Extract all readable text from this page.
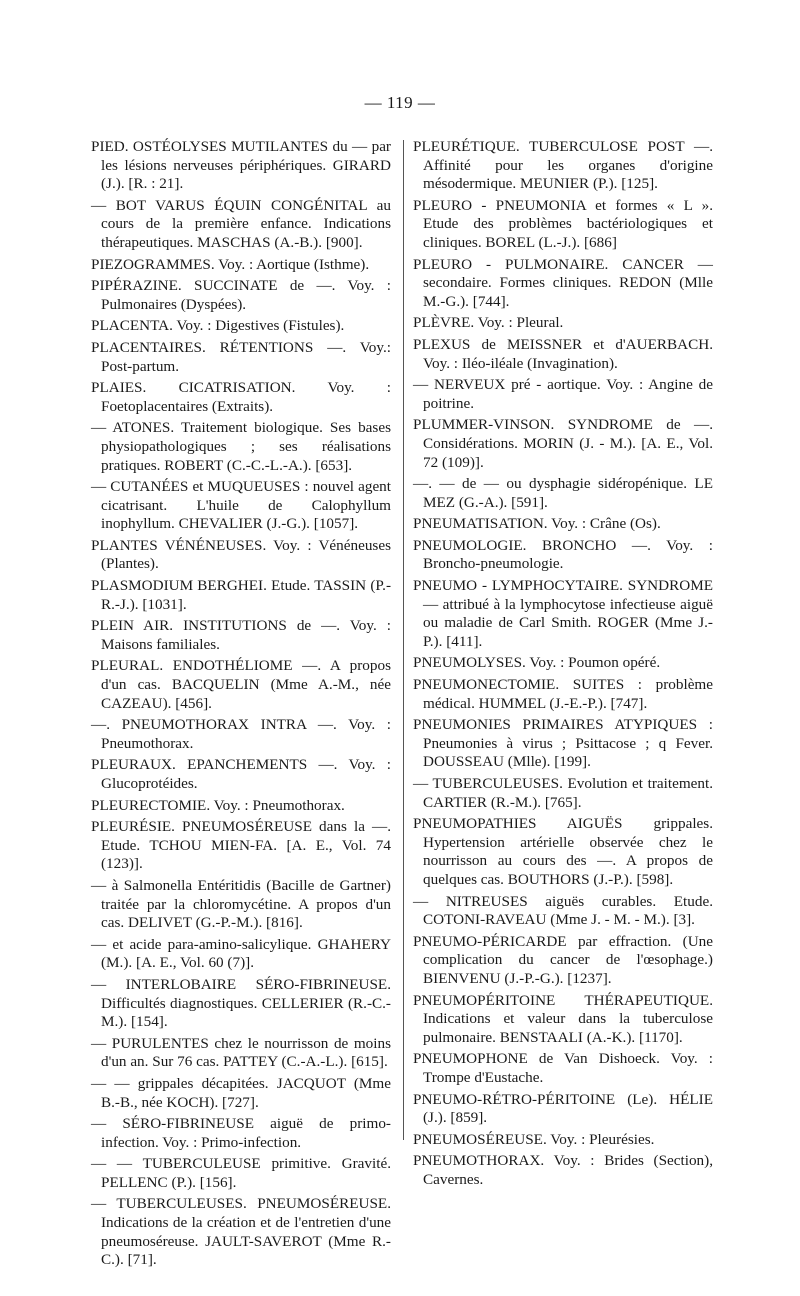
— 119 —

PIED. OSTÉOLYSES MUTILANTES du — par les lésions nerveuses périphériques. GIRARD (J.). [R. : 21].

— BOT VARUS ÉQUIN CONGÉNITAL au cours de la première enfance. Indications thérapeutiques. MASCHAS (A.-B.). [900].

PIEZOGRAMMES. Voy. : Aortique (Isthme).

PIPÉRAZINE. SUCCINATE de —. Voy. : Pulmonaires (Dyspées).

PLACENTA. Voy. : Digestives (Fistules).

PLACENTAIRES. RÉTENTIONS —. Voy.: Post-partum.

PLAIES. CICATRISATION. Voy. : Foetoplacentaires (Extraits).

— ATONES. Traitement biologique. Ses bases physiopathologiques ; ses réalisations pratiques. ROBERT (C.-C.-L.-A.). [653].

— CUTANÉES et MUQUEUSES : nouvel agent cicatrisant. L'huile de Calophyllum inophyllum. CHEVALIER (J.-G.). [1057].

PLANTES VÉNÉNEUSES. Voy. : Vénéneuses (Plantes).

PLASMODIUM BERGHEI. Etude. TASSIN (P.-R.-J.). [1031].

PLEIN AIR. INSTITUTIONS de —. Voy. : Maisons familiales.

PLEURAL. ENDOTHÉLIOME —. A propos d'un cas. BACQUELIN (Mme A.-M., née CAZEAU). [456].

—. PNEUMOTHORAX INTRA —. Voy. : Pneumothorax.

PLEURAUX. EPANCHEMENTS —. Voy. : Glucoprotéides.

PLEURECTOMIE. Voy. : Pneumothorax.

PLEURÉSIE. PNEUMOSÉREUSE dans la —. Etude. TCHOU MIEN-FA. [A. E., Vol. 74 (123)].

— à Salmonella Entéritidis (Bacille de Gartner) traitée par la chloromycétine. A propos d'un cas. DELIVET (G.-P.-M.). [816].

— et acide para-amino-salicylique. GHAHERY (M.). [A. E., Vol. 60 (7)].

— INTERLOBAIRE SÉRO-FIBRINEUSE. Difficultés diagnostiques. CELLERIER (R.-C.-M.). [154].

— PURULENTES chez le nourrisson de moins d'un an. Sur 76 cas. PATTEY (C.-A.-L.). [615].

— — grippales décapitées. JACQUOT (Mme B.-B., née KOCH). [727].

— SÉRO-FIBRINEUSE aiguë de primo-infection. Voy. : Primo-infection.

— — TUBERCULEUSE primitive. Gravité. PELLENC (P.). [156].

— TUBERCULEUSES. PNEUMOSÉREUSE. Indications de la création et de l'entretien d'une pneumoséreuse. JAULT-SAVEROT (Mme R.-C.). [71].

PLEURÉTIQUE. TUBERCULOSE POST —. Affinité pour les organes d'origine mésodermique. MEUNIER (P.). [125].

PLEURO - PNEUMONIA et formes « L ». Etude des problèmes bactériologiques et cliniques. BOREL (L.-J.). [686]

PLEURO - PULMONAIRE. CANCER — secondaire. Formes cliniques. REDON (Mlle M.-G.). [744].

PLÈVRE. Voy. : Pleural.

PLEXUS de MEISSNER et d'AUERBACH. Voy. : Iléo-iléale (Invagination).

— NERVEUX pré - aortique. Voy. : Angine de poitrine.

PLUMMER-VINSON. SYNDROME de —. Considérations. MORIN (J. - M.). [A. E., Vol. 72 (109)].

—. — de — ou dysphagie sidéropénique. LE MEZ (G.-A.). [591].

PNEUMATISATION. Voy. : Crâne (Os).

PNEUMOLOGIE. BRONCHO —. Voy. : Broncho-pneumologie.

PNEUMO - LYMPHOCYTAIRE. SYNDROME — attribué à la lymphocytose infectieuse aiguë ou maladie de Carl Smith. ROGER (Mme J.-P.). [411].

PNEUMOLYSES. Voy. : Poumon opéré.

PNEUMONECTOMIE. SUITES : problème médical. HUMMEL (J.-E.-P.). [747].

PNEUMONIES PRIMAIRES ATYPIQUES : Pneumonies à virus ; Psittacose ; q Fever. DOUSSEAU (Mlle). [199].

— TUBERCULEUSES. Evolution et traitement. CARTIER (R.-M.). [765].

PNEUMOPATHIES AIGUËS grippales. Hypertension artérielle observée chez le nourrisson au cours des —. A propos de quelques cas. BOUTHORS (J.-P.). [598].

— NITREUSES aiguës curables. Etude. COTONI-RAVEAU (Mme J. - M. - M.). [3].

PNEUMO-PÉRICARDE par effraction. (Une complication du cancer de l'œsophage.) BIENVENU (J.-P.-G.). [1237].

PNEUMOPÉRITOINE THÉRAPEUTIQUE. Indications et valeur dans la tuberculose pulmonaire. BENSTAALI (A.-K.). [1170].

PNEUMOPHONE de Van Dishoeck. Voy. : Trompe d'Eustache.

PNEUMO-RÉTRO-PÉRITOINE (Le). HÉLIE (J.). [859].

PNEUMOSÉREUSE. Voy. : Pleurésies.

PNEUMOTHORAX. Voy. : Brides (Section), Cavernes.
